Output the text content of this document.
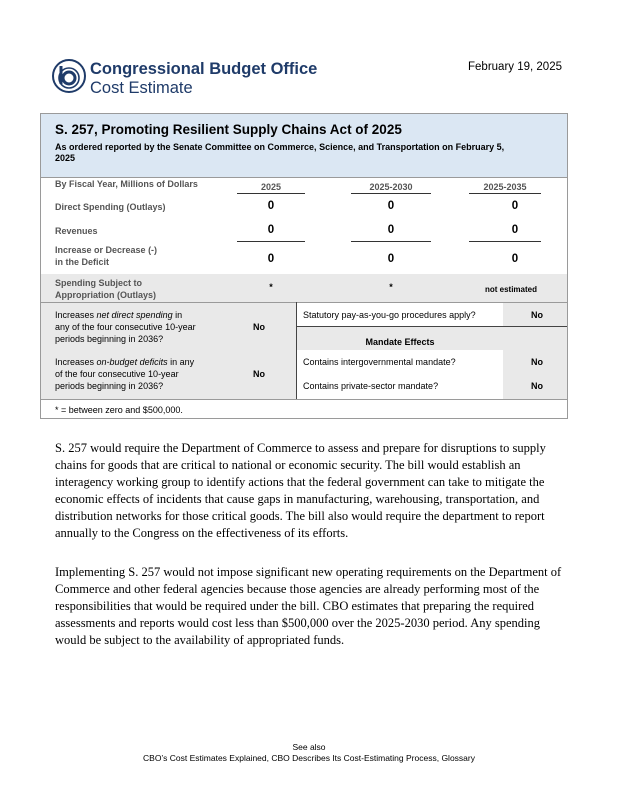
Congressional Budget Office
Cost Estimate
February 19, 2025
S. 257, Promoting Resilient Supply Chains Act of 2025
As ordered reported by the Senate Committee on Commerce, Science, and Transportation on February 5, 2025
By Fiscal Year, Millions of Dollars	2025	2025-2030	2025-2035
Direct Spending (Outlays)	0	0	0
Revenues	0	0	0
Increase or Decrease (-)
in the Deficit	0	0	0
Spending Subject to
Appropriation (Outlays)
*	*	not estimated
Increases net direct spending in
any of the four consecutive 10-year
periods beginning in 2036?
No
Increases on-budget deficits in any
of the four consecutive 10-year
periods beginning in 2036?
No
Statutory pay-as-you-go procedures apply?	No
Mandate Effects
Contains intergovernmental mandate?	No
Contains private-sector mandate?	No
* = between zero and $500,000.

S. 257 would require the Department of Commerce to assess and prepare for disruptions to supply chains for goods that are critical to national or economic security. The bill would establish an interagency working group to identify actions that the federal government can take to mitigate the economic effects of incidents that cause gaps in manufacturing, warehousing, transportation, and distribution networks for those critical goods. The bill also would require the department to report annually to the Congress on the effectiveness of its efforts.

Implementing S. 257 would not impose significant new operating requirements on the Department of Commerce and other federal agencies because those agencies are already performing most of the responsibilities that would be required under the bill. CBO estimates that preparing the required assessments and reports would cost less than $500,000 over the 2025-2030 period. Any spending would be subject to the availability of appropriated funds.

See also
CBO’s Cost Estimates Explained, CBO Describes Its Cost-Estimating Process, Glossary
